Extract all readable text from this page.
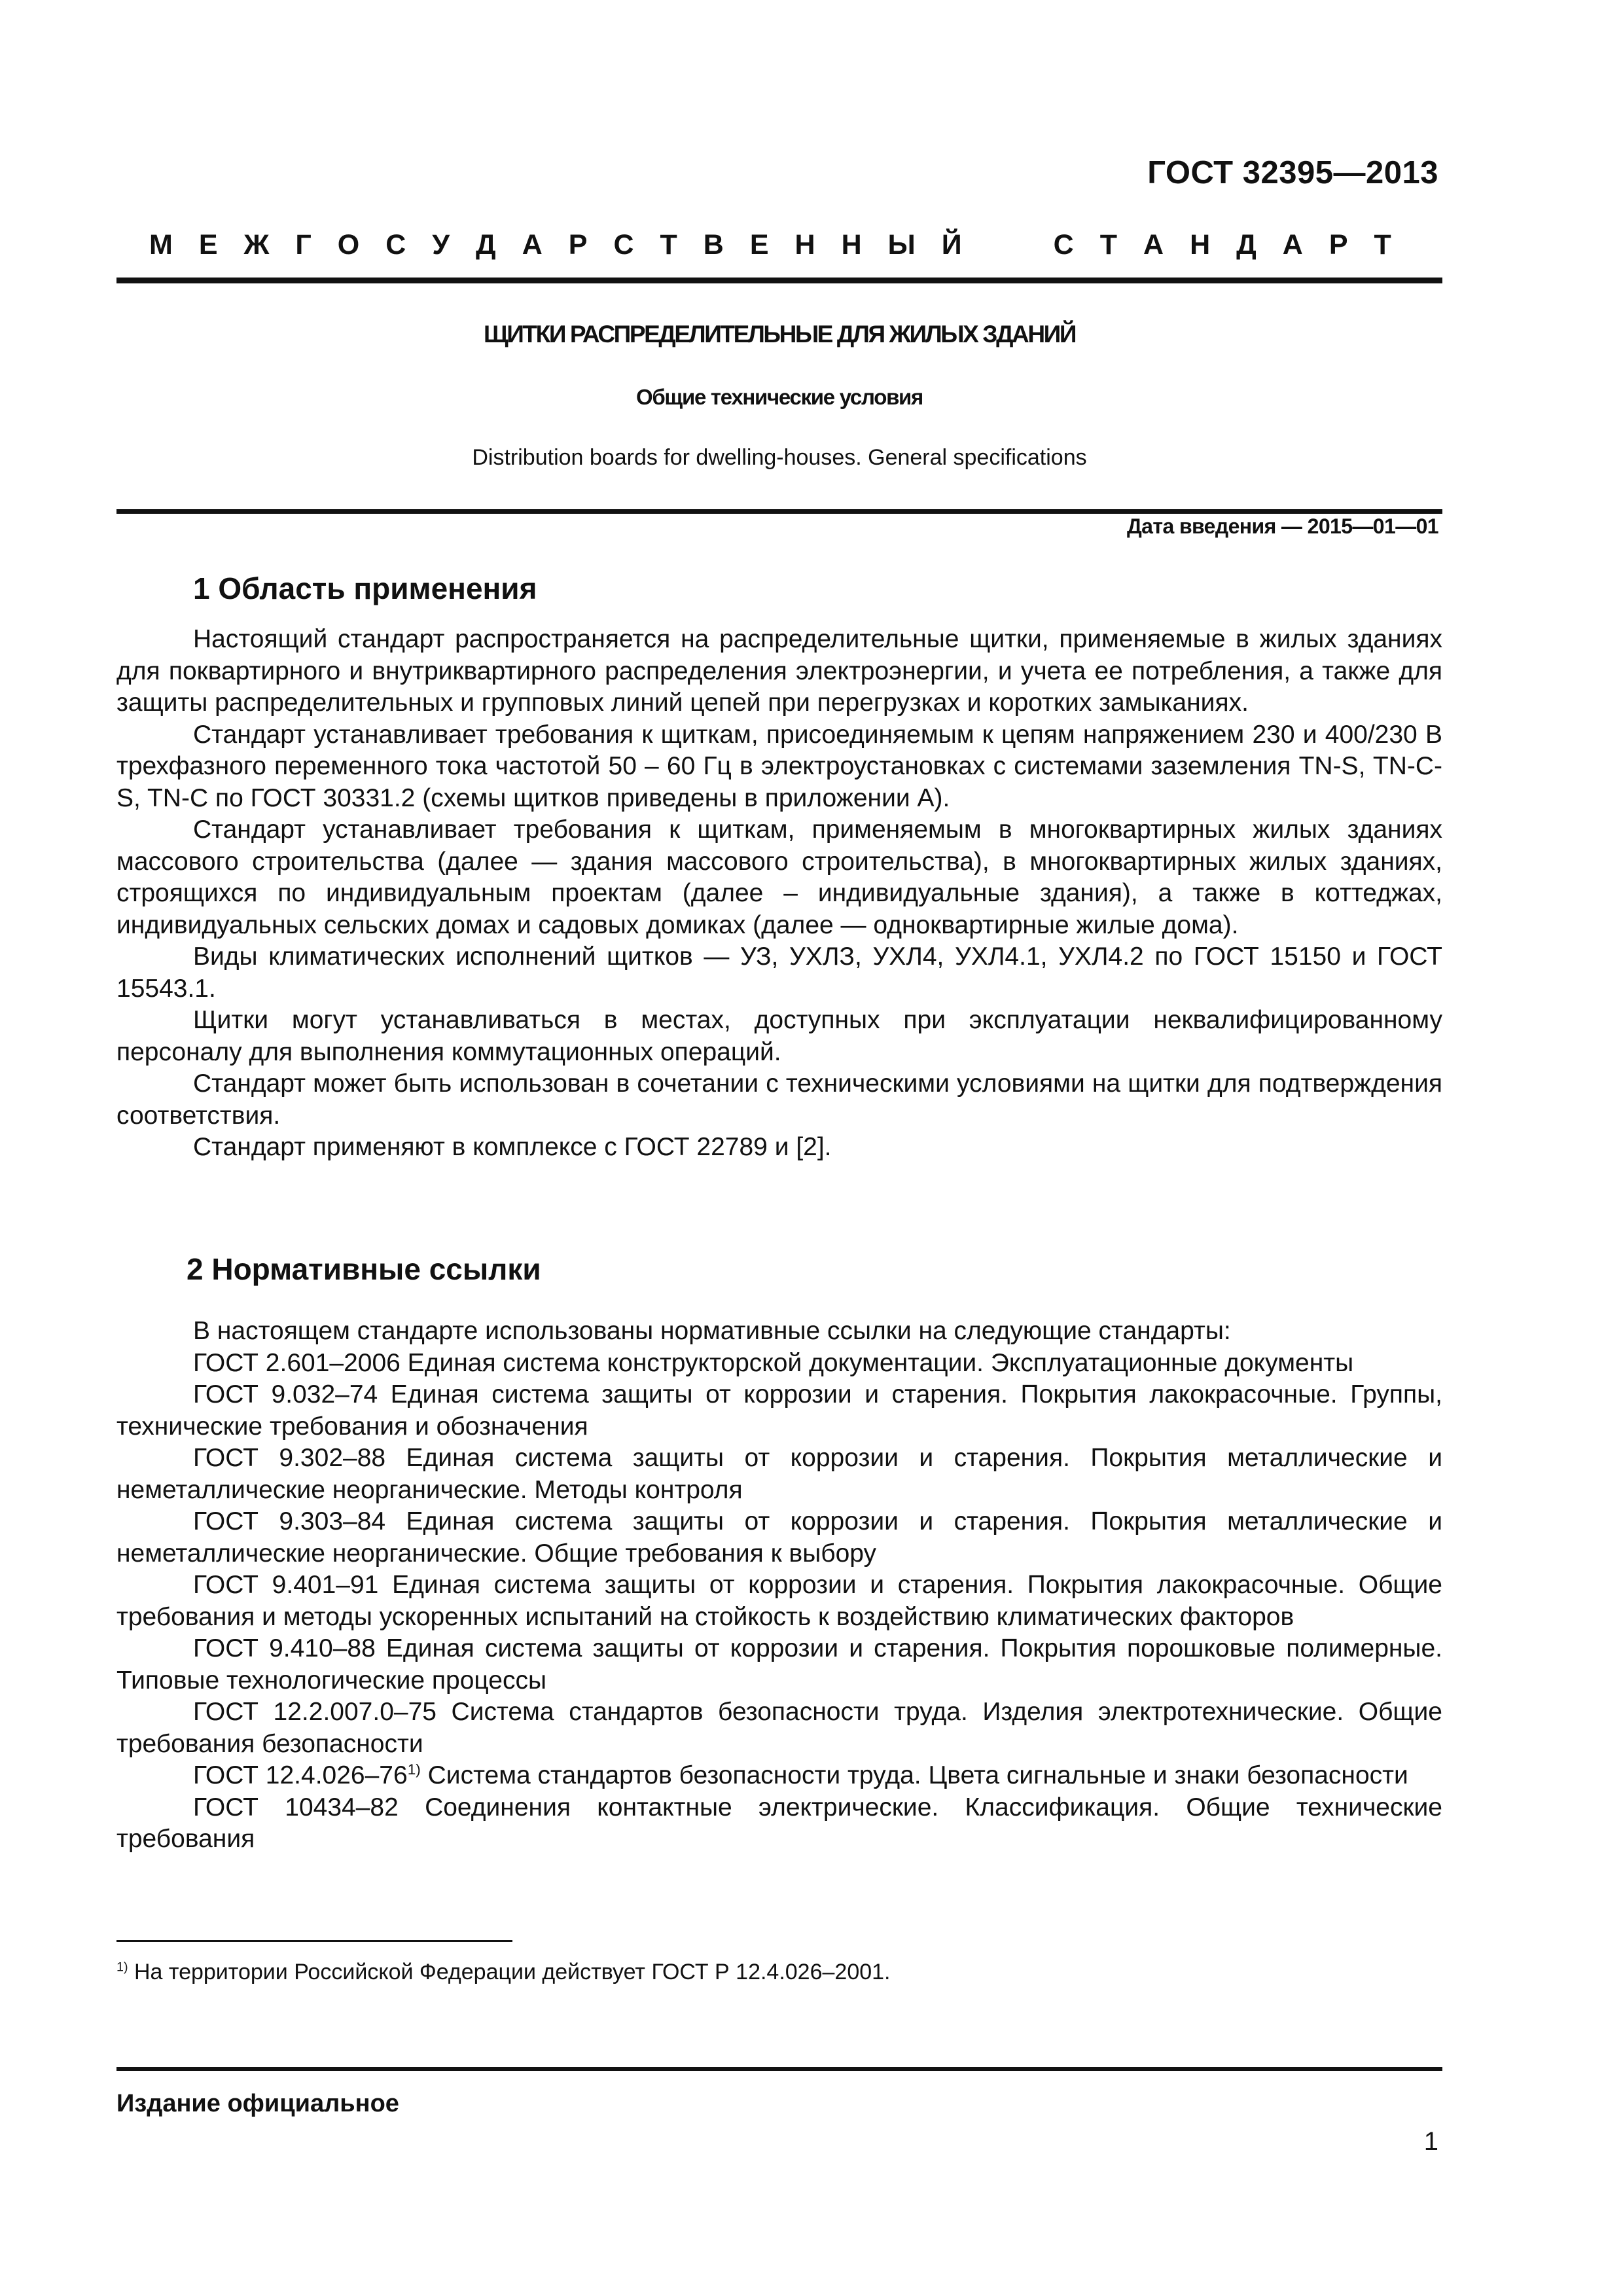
ГОСТ 32395—2013
М Е Ж Г О С У Д А Р С Т В Е Н Н Ы Й	С Т А Н Д А Р Т
ЩИТКИ РАСПРЕДЕЛИТЕЛЬНЫЕ ДЛЯ ЖИЛЫХ ЗДАНИЙ
Общие технические условия
Distribution boards for dwelling-houses. General specifications
Дата введения — 2015—01—01
1 Область применения

Настоящий стандарт распространяется на распределительные щитки, применяемые в жилых зданиях для поквартирного и внутриквартирного распределения электроэнергии, и учета ее потребления, а также для защиты распределительных и групповых линий цепей при перегрузках и коротких замыканиях.

Стандарт устанавливает требования к щиткам, присоединяемым к цепям напряжением 230 и 400/230 В трехфазного переменного тока частотой 50 – 60 Гц в электроустановках с системами заземления TN-S, TN-C-S, TN-C по ГОСТ 30331.2 (схемы щитков приведены в приложении А).

Стандарт устанавливает требования к щиткам, применяемым в многоквартирных жилых зданиях массового строительства (далее — здания массового строительства), в многоквартирных жилых зданиях, строящихся по индивидуальным проектам (далее – индивидуальные здания), а также в коттеджах, индивидуальных сельских домах и садовых домиках (далее — одноквартирные жилые дома).

Виды климатических исполнений щитков — УЗ, УХЛЗ, УХЛ4, УХЛ4.1, УХЛ4.2 по ГОСТ 15150 и ГОСТ 15543.1.

Щитки могут устанавливаться в местах, доступных при эксплуатации неквалифицированному персоналу для выполнения коммутационных операций.

Стандарт может быть использован в сочетании с техническими условиями на щитки для подтверждения соответствия.

Стандарт применяют в комплексе с ГОСТ 22789 и [2].

2 Нормативные ссылки

В настоящем стандарте использованы нормативные ссылки на следующие стандарты:

ГОСТ 2.601–2006 Единая система конструкторской документации. Эксплуатационные документы

ГОСТ 9.032–74 Единая система защиты от коррозии и старения. Покрытия лакокрасочные. Группы, технические требования и обозначения

ГОСТ 9.302–88 Единая система защиты от коррозии и старения. Покрытия металлические и неметаллические неорганические. Методы контроля

ГОСТ 9.303–84 Единая система защиты от коррозии и старения. Покрытия металлические и неметаллические неорганические. Общие требования к выбору

ГОСТ 9.401–91 Единая система защиты от коррозии и старения. Покрытия лакокрасочные. Общие требования и методы ускоренных испытаний на стойкость к воздействию климатических факторов

ГОСТ 9.410–88 Единая система защиты от коррозии и старения. Покрытия порошковые полимерные. Типовые технологические процессы

ГОСТ 12.2.007.0–75 Система стандартов безопасности труда. Изделия электротехнические. Общие требования безопасности

ГОСТ 12.4.026–76$^{1)}$ Система стандартов безопасности труда. Цвета сигнальные и знаки безопасности

ГОСТ 10434–82 Соединения контактные электрические. Классификация. Общие технические требования

$^{1)}$ На территории Российской Федерации действует ГОСТ Р 12.4.026–2001.
Издание официальное
1
